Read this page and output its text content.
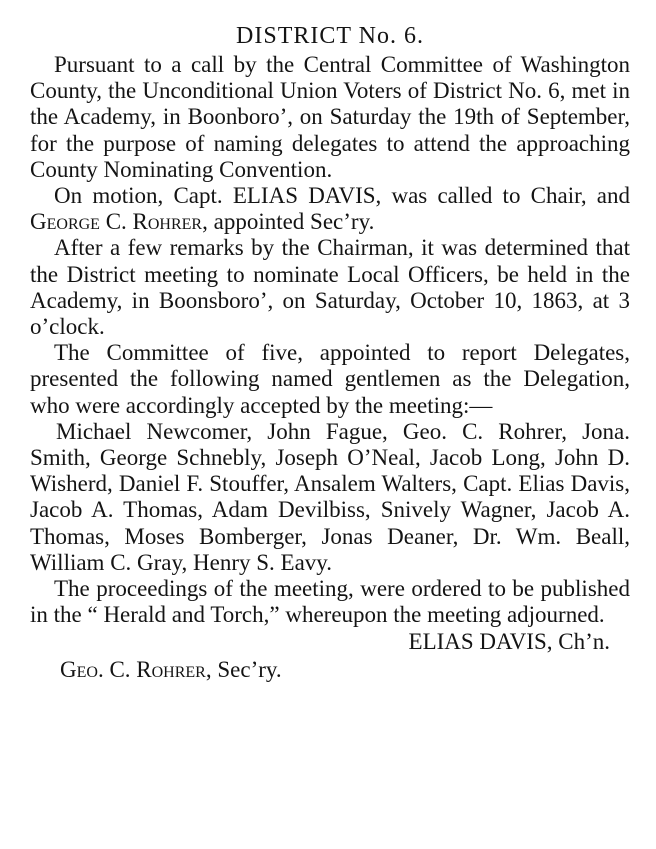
DISTRICT No. 6.

Pursuant to a call by the Central Committee of Washington County, the Unconditional Union Voters of District No. 6, met in the Academy, in Boonboro’, on Saturday the 19th of September, for the purpose of naming delegates to attend the approaching County Nominating Convention.

On motion, Capt. ELIAS DAVIS, was called to Chair, and George C. Rohrer, appointed Sec’ry.

After a few remarks by the Chairman, it was determined that the District meeting to nominate Local Officers, be held in the Academy, in Boonsboro’, on Saturday, October 10, 1863, at 3 o’clock.

The Committee of five, appointed to report Delegates, presented the following named gentlemen as the Delegation, who were accordingly accepted by the meeting:—

Michael Newcomer, John Fague, Geo. C. Rohrer, Jona. Smith, George Schnebly, Joseph O’Neal, Jacob Long, John D. Wisherd, Daniel F. Stouffer, Ansalem Walters, Capt. Elias Davis, Jacob A. Thomas, Adam Devilbiss, Snively Wagner, Jacob A. Thomas, Moses Bomberger, Jonas Deaner, Dr. Wm. Beall, William C. Gray, Henry S. Eavy.

The proceedings of the meeting, were ordered to be published in the “ Herald and Torch,” whereupon the meeting adjourned.

ELIAS DAVIS, Ch’n.

Geo. C. Rohrer, Sec’ry.
